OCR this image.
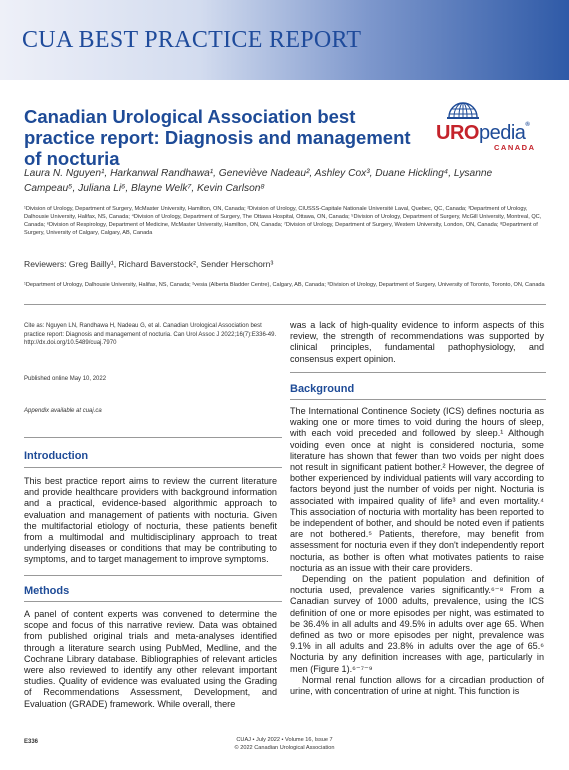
CUA BEST PRACTICE REPORT
Canadian Urological Association best practice report: Diagnosis and management of nocturia
UROpedia®
CANADA
Laura N. Nguyen¹, Harkanwal Randhawa¹, Geneviève Nadeau², Ashley Cox³, Duane Hickling⁴, Lysanne Campeau⁵, Juliana Li⁶, Blayne Welk⁷, Kevin Carlson⁸
¹Division of Urology, Department of Surgery, McMaster University, Hamilton, ON, Canada; ²Division of Urology, CIUSSS-Capitale Nationale Université Laval, Quebec, QC, Canada; ³Department of Urology, Dalhousie University, Halifax, NS, Canada; ⁴Division of Urology, Department of Surgery, The Ottawa Hospital, Ottawa, ON, Canada; ⁵Division of Urology, Department of Surgery, McGill University, Montreal, QC, Canada; ⁶Division of Respirology, Department of Medicine, McMaster University, Hamilton, ON, Canada; ⁷Division of Urology, Department of Surgery, Western University, London, ON, Canada; ⁸Department of Surgery, University of Calgary, Calgary, AB, Canada
Reviewers: Greg Bailly¹, Richard Baverstock², Sender Herschorn³
¹Department of Urology, Dalhousie University, Halifax, NS, Canada; ²vesia (Alberta Bladder Centre), Calgary, AB, Canada; ³Division of Urology, Department of Surgery, University of Toronto, Toronto, ON, Canada
Cite as: Nguyen LN, Randhawa H, Nadeau G, et al. Canadian Urological Association best practice report: Diagnosis and management of nocturia. Can Urol Assoc J 2022;16(7):E336-49. http://dx.doi.org/10.5489/cuaj.7970
Published online May 10, 2022
Appendix available at cuaj.ca
Introduction
This best practice report aims to review the current literature and provide healthcare providers with background information and a practical, evidence-based algorithmic approach to evaluation and management of patients with nocturia. Given the multifactorial etiology of nocturia, these patients benefit from a multimodal and multidisciplinary approach to treat underlying diseases or conditions that may be contributing to symptoms, and to target management to improve symptoms.
Methods
A panel of content experts was convened to determine the scope and focus of this narrative review. Data was obtained from published original trials and meta-analyses identified through a literature search using PubMed, Medline, and the Cochrane Library database. Bibliographies of relevant articles were also reviewed to identify any other relevant important studies. Quality of evidence was evaluated using the Grading of Recommendations Assessment, Development, and Evaluation (GRADE) framework. While overall, there
was a lack of high-quality evidence to inform aspects of this review, the strength of recommendations was supported by clinical principles, fundamental pathophysiology, and consensus expert opinion.
Background

The International Continence Society (ICS) defines nocturia as waking one or more times to void during the hours of sleep, with each void preceded and followed by sleep.¹ Although voiding even once at night is considered nocturia, some literature has shown that fewer than two voids per night does not result in significant patient bother.² However, the degree of bother experienced by individual patients will vary according to factors beyond just the number of voids per night. Nocturia is associated with impaired quality of life³ and even mortality.⁴ This association of nocturia with mortality has been reported to be independent of bother, and should be noted even if patients are not bothered.⁵ Patients, therefore, may benefit from assessment for nocturia even if they don't independently report nocturia, as bother is often what motivates patients to raise nocturia as an issue with their care providers.

Depending on the patient population and definition of nocturia used, prevalence varies significantly.⁶⁻⁸ From a Canadian survey of 1000 adults, prevalence, using the ICS definition of one or more episodes per night, was estimated to be 36.4% in all adults and 49.5% in adults over age 65. When defined as two or more episodes per night, prevalence was 9.1% in all adults and 23.8% in adults over the age of 65.⁶ Nocturia by any definition increases with age, particularly in men (Figure 1).⁶⁻⁷⁻⁹

Normal renal function allows for a circadian production of urine, with concentration of urine at night. This function is

E336	CUAJ • July 2022 • Volume 16, Issue 7
© 2022 Canadian Urological Association
